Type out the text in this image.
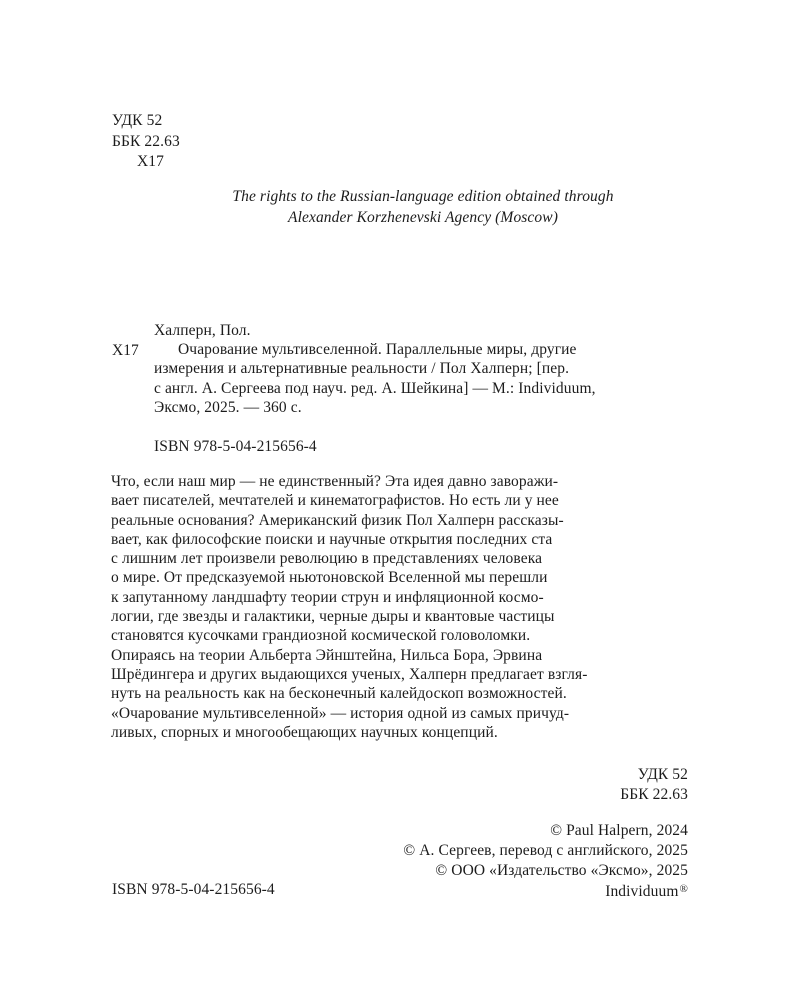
УДК 52
ББК 22.63
Х17
The rights to the Russian-language edition obtained through
Alexander Korzhenevski Agency (Moscow)
Х17
Халперн, Пол.
Очарование мультивселенной. Параллельные миры, другие
измерения и альтернативные реальности / Пол Халперн; [пер.
с англ. А. Сергеева под науч. ред. А. Шейкина] — М.: Individuum,
Эксмо, 2025. — 360 с.
ISBN 978-5-04-215656-4
Что, если наш мир — не единственный? Эта идея давно заворажи-
вает писателей, мечтателей и кинематографистов. Но есть ли у нее
реальные основания? Американский физик Пол Халперн рассказы-
вает, как философские поиски и научные открытия последних ста
с лишним лет произвели революцию в представлениях человека
о мире. От предсказуемой ньютоновской Вселенной мы перешли
к запутанному ландшафту теории струн и инфляционной космо-
логии, где звезды и галактики, черные дыры и квантовые частицы
становятся кусочками грандиозной космической головоломки.
Опираясь на теории Альберта Эйнштейна, Нильса Бора, Эрвина
Шрёдингера и других выдающихся ученых, Халперн предлагает взгля-
нуть на реальность как на бесконечный калейдоскоп возможностей.
«Очарование мультивселенной» — история одной из самых причуд-
ливых, спорных и многообещающих научных концепций.
УДК 52
ББК 22.63
© Paul Halpern, 2024
© А. Сергеев, перевод с английского, 2025
© ООО «Издательство «Эксмо», 2025
Individuum®
ISBN 978-5-04-215656-4
